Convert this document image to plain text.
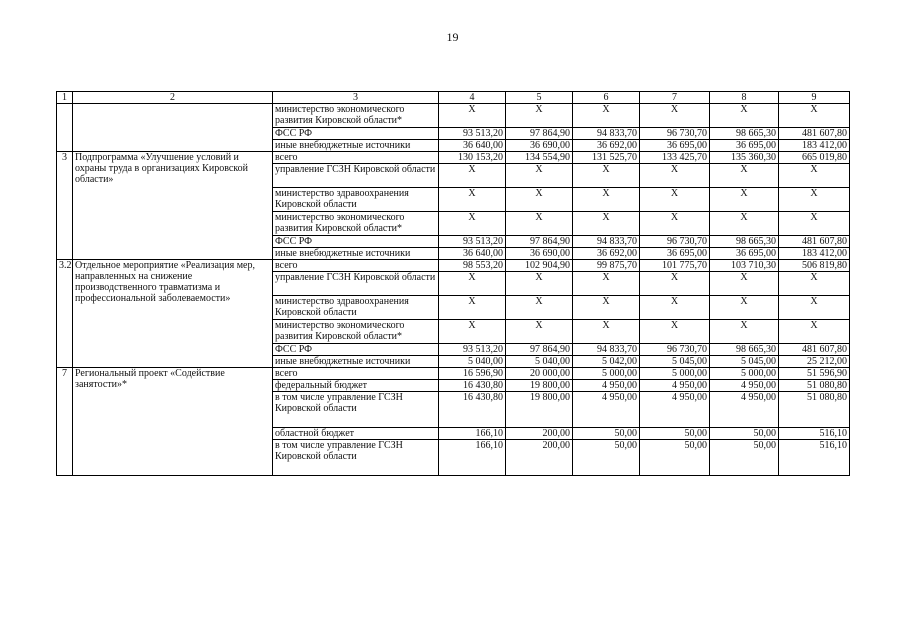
19
1	2	3	4	5	6	7	8	9
		министерство экономического развития Кировской области*	X	X	X	X	X	X
		ФСС РФ	93 513,20	97 864,90	94 833,70	96 730,70	98 665,30	481 607,80
		иные внебюджетные источники	36 640,00	36 690,00	36 692,00	36 695,00	36 695,00	183 412,00
3	Подпрограмма «Улучшение условий и охраны труда в организациях Кировской области»	всего	130 153,20	134 554,90	131 525,70	133 425,70	135 360,30	665 019,80
		управление ГСЗН Кировской области	X	X	X	X	X	X
		министерство здравоохранения Кировской области	X	X	X	X	X	X
		министерство экономического развития Кировской области*	X	X	X	X	X	X
		ФСС РФ	93 513,20	97 864,90	94 833,70	96 730,70	98 665,30	481 607,80
		иные внебюджетные источники	36 640,00	36 690,00	36 692,00	36 695,00	36 695,00	183 412,00
3.2	Отдельное мероприятие «Реализация мер, направленных на снижение производственного травматизма и профессиональной заболеваемости»	всего	98 553,20	102 904,90	99 875,70	101 775,70	103 710,30	506 819,80
		управление ГСЗН Кировской области	X	X	X	X	X	X
		министерство здравоохранения Кировской области	X	X	X	X	X	X
		министерство экономического развития Кировской области*	X	X	X	X	X	X
		ФСС РФ	93 513,20	97 864,90	94 833,70	96 730,70	98 665,30	481 607,80
		иные внебюджетные источники	5 040,00	5 040,00	5 042,00	5 045,00	5 045,00	25 212,00
7	Региональный проект «Содействие занятости»*	всего	16 596,90	20 000,00	5 000,00	5 000,00	5 000,00	51 596,90
		федеральный бюджет	16 430,80	19 800,00	4 950,00	4 950,00	4 950,00	51 080,80
		в том числе управление ГСЗН Кировской области	16 430,80	19 800,00	4 950,00	4 950,00	4 950,00	51 080,80
		областной бюджет	166,10	200,00	50,00	50,00	50,00	516,10
		в том числе управление ГСЗН Кировской области	166,10	200,00	50,00	50,00	50,00	516,10
